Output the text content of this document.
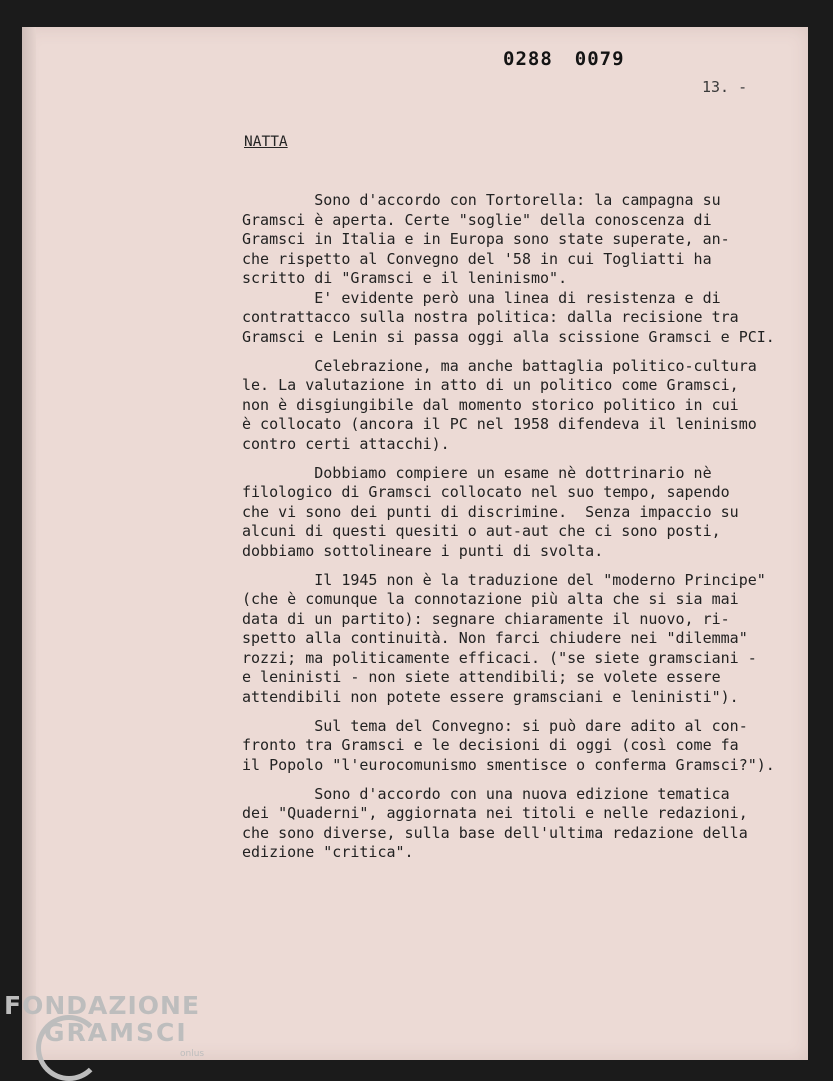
0288 0079
13. -
NATTA

Sono d'accordo con Tortorella: la campagna su
Gramsci è aperta. Certe "soglie" della conoscenza di
Gramsci in Italia e in Europa sono state superate, an-
che rispetto al Convegno del '58 in cui Togliatti ha
scritto di "Gramsci e il leninismo".
E' evidente però una linea di resistenza e di
contrattacco sulla nostra politica: dalla recisione tra
Gramsci e Lenin si passa oggi alla scissione Gramsci e PCI.

Celebrazione, ma anche battaglia politico-cultura
le. La valutazione in atto di un politico come Gramsci,
non è disgiungibile dal momento storico politico in cui
è collocato (ancora il PC nel 1958 difendeva il leninismo
contro certi attacchi).

Dobbiamo compiere un esame nè dottrinario nè
filologico di Gramsci collocato nel suo tempo, sapendo
che vi sono dei punti di discrimine.  Senza impaccio su
alcuni di questi quesiti o aut-aut che ci sono posti,
dobbiamo sottolineare i punti di svolta.

Il 1945 non è la traduzione del "moderno Principe"
(che è comunque la connotazione più alta che si sia mai
data di un partito): segnare chiaramente il nuovo, ri-
spetto alla continuità. Non farci chiudere nei "dilemma"
rozzi; ma politicamente efficaci. ("se siete gramsciani -
e leninisti - non siete attendibili; se volete essere
attendibili non potete essere gramsciani e leninisti").

Sul tema del Convegno: si può dare adito al con-
fronto tra Gramsci e le decisioni di oggi (così come fa
il Popolo "l'eurocomunismo smentisce o conferma Gramsci?").

Sono d'accordo con una nuova edizione tematica
dei "Quaderni", aggiornata nei titoli e nelle redazioni,
che sono diverse, sulla base dell'ultima redazione della
edizione "critica".

FONDAZIONE
GRAMSCI
onlus
